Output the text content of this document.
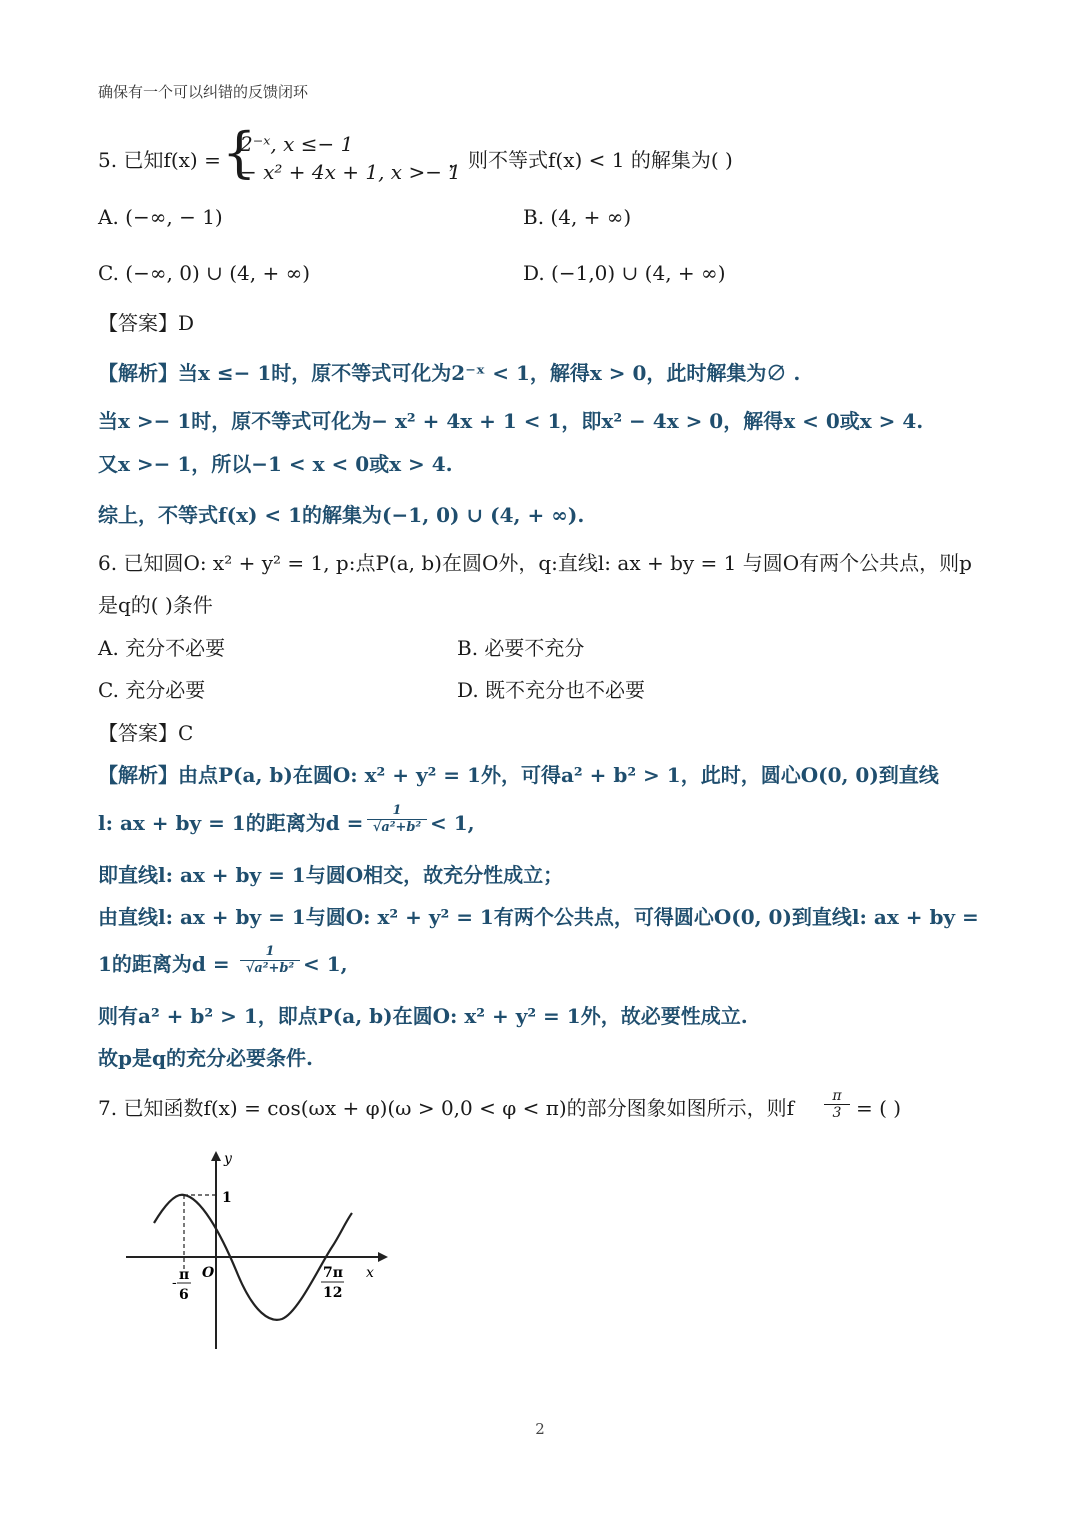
确保有一个可以纠错的反馈闭环
5. 已知f(x) = {
2⁻ˣ, x ≤− 1
− x² + 4x + 1, x >− 1
，则不等式f(x) < 1 的解集为( )
A. (−∞, − 1)	B. (4, + ∞)
C. (−∞, 0) ∪ (4, + ∞)	D. (−1,0) ∪ (4, + ∞)
【答案】D
【解析】当x ≤− 1时，原不等式可化为2⁻ˣ < 1，解得x > 0，此时解集为∅ .
当x >− 1时，原不等式可化为− x² + 4x + 1 < 1，即x² − 4x > 0，解得x < 0或x > 4.
又x >− 1，所以−1 < x < 0或x > 4.
综上，不等式f(x) < 1的解集为(−1, 0) ∪ (4, + ∞).
6. 已知圆O: x² + y² = 1, p:点P(a, b)在圆O外，q:直线l: ax + by = 1 与圆O有两个公共点，则p
是q的( )条件
A. 充分不必要	B. 必要不充分
C. 充分必要	D. 既不充分也不必要
【答案】C
【解析】由点P(a, b)在圆O: x² + y² = 1外，可得a² + b² > 1，此时，圆心O(0, 0)到直线
l: ax + by = 1的距离为$d = \frac{1}{\text{√a²+b²}} < 1$,
即直线l: ax + by = 1与圆O相交，故充分性成立；
由直线l: ax + by = 1与圆O: x² + y² = 1有两个公共点，可得圆心O(0, 0)到直线l: ax + by =
1的距离为$d = \frac{1}{\text{√a²+b²}} < 1$,
则有a² + b² > 1，即点P(a, b)在圆O: x² + y² = 1外，故必要性成立.
故p是q的充分必要条件.
7. 已知函数f(x) = cos(ωx + φ)(ω > 0,0 < φ < π)的部分图象如图所示，则f $\frac{\pi}{3}$ = ( )
y
x
O
1
- π
6
7π
12
2
